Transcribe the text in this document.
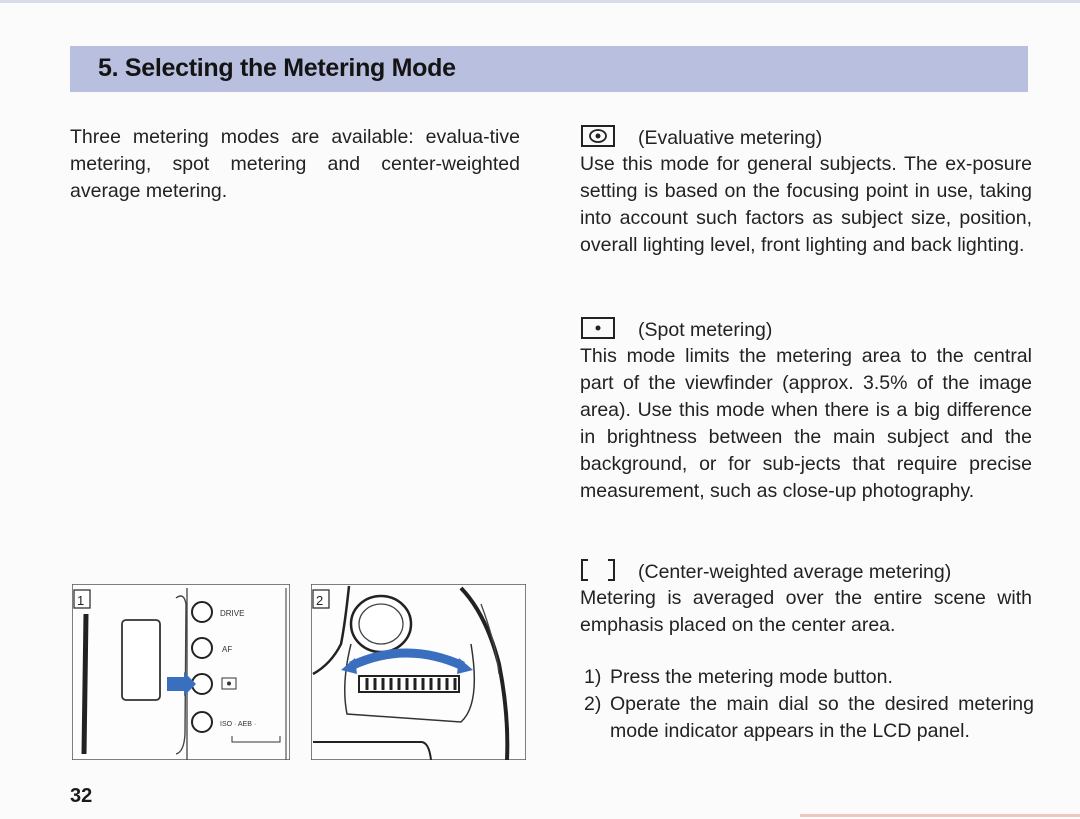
5. Selecting the Metering Mode
Three metering modes are available: evalua-tive metering, spot metering and center-weighted average metering.
(Evaluative metering)
Use this mode for general subjects. The ex-posure setting is based on the focusing point in use, taking into account such factors as subject size, position, overall lighting level, front lighting and back lighting.
(Spot metering)
This mode limits the metering area to the central part of the viewfinder (approx. 3.5% of the image area). Use this mode when there is a big difference in brightness between the main subject and the background, or for sub-jects that require precise measurement, such as close-up photography.
(Center-weighted average metering)
Metering is averaged over the entire scene with emphasis placed on the center area.
1) Press the metering mode button.
2) Operate the main dial so the desired metering mode indicator appears in the LCD panel.
1
DRIVE
AF
ISO · AEB ·
2
32
